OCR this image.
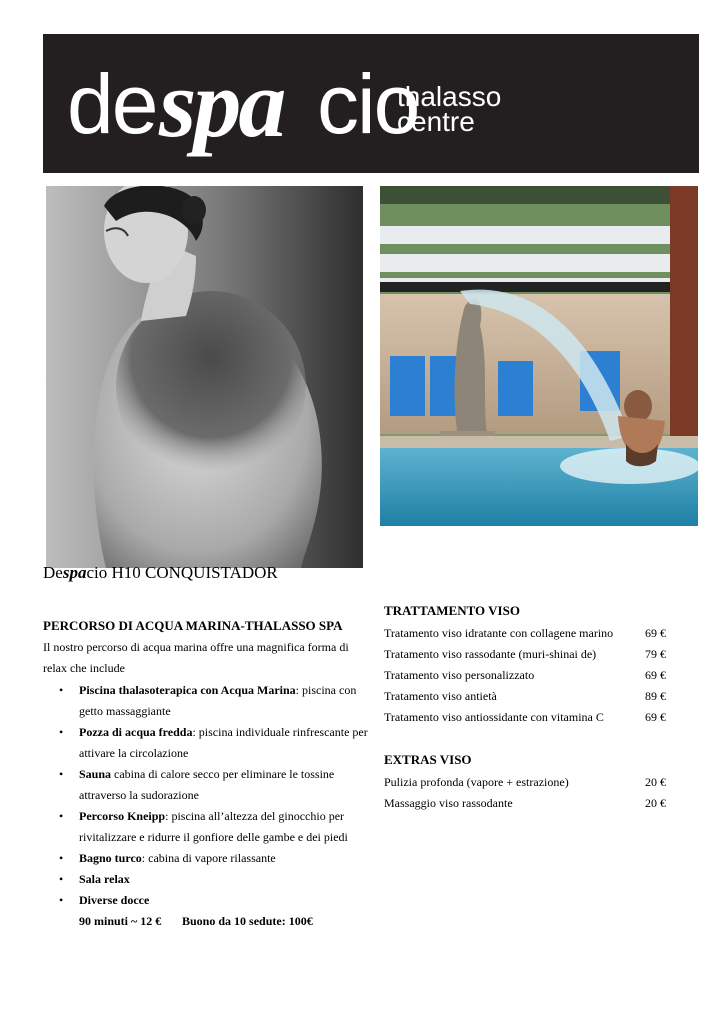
de spa cio
thalasso
centre
Despacio H10 CONQUISTADOR
PERCORSO DI ACQUA MARINA-THALASSO SPA
Il nostro percorso di acqua marina offre una magnifica forma di
relax che include
• Piscina thalasoterapica con Acqua Marina: piscina con
getto massaggiante
• Pozza di acqua fredda: piscina individuale rinfrescante per
attivare la circolazione
• Sauna cabina di calore secco per eliminare le tossine
attraverso la sudorazione
• Percorso Kneipp: piscina all’altezza del ginocchio per
rivitalizzare e ridurre il gonfiore delle gambe e dei piedi
• Bagno turco: cabina di vapore rilassante
• Sala relax
• Diverse docce
90 minuti ~ 12 € Buono da 10 sedute: 100€
TRATTAMENTO VISO
Tratamento viso idratante con collagene marino	69 €
Tratamento viso rassodante (muri-shinai de)	79 €
Tratamento viso personalizzato	69 €
Tratamento viso antietà	89 €
Tratamento viso antiossidante con vitamina C	69 €
EXTRAS VISO
Pulizia profonda (vapore + estrazione)	20 €
Massaggio viso rassodante	20 €
